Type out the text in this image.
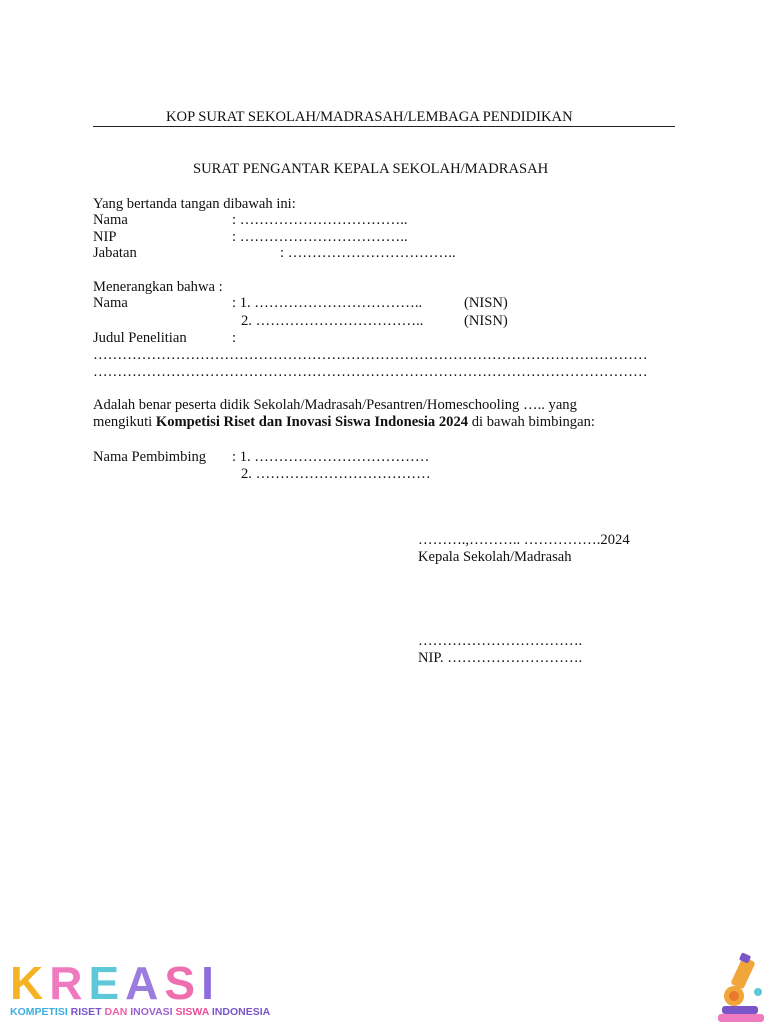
KOP SURAT SEKOLAH/MADRASAH/LEMBAGA PENDIDIKAN
SURAT PENGANTAR KEPALA SEKOLAH/MADRASAH
Yang bertanda tangan dibawah ini:
Nama	: ……………………………..
NIP	: ……………………………..
Jabatan	: ……………………………..
Menerangkan bahwa :
Nama	: 1. ……………………………..	(NISN)
2. ……………………………..	(NISN)
Judul Penelitian	:
……………………………………………………………………………………………………
……………………………………………………………………………………………………
Adalah benar peserta didik Sekolah/Madrasah/Pesantren/Homeschooling ….. yang
mengikuti Kompetisi Riset dan Inovasi Siswa Indonesia 2024 di bawah bimbingan:
Nama Pembimbing : 1. ………………………………
2. ………………………………
……….,……….. …………….2024
Kepala Sekolah/Madrasah
…………………………….
NIP. ……………………….
KREASI
KOMPETISI RISET DAN INOVASI SISWA INDONESIA
